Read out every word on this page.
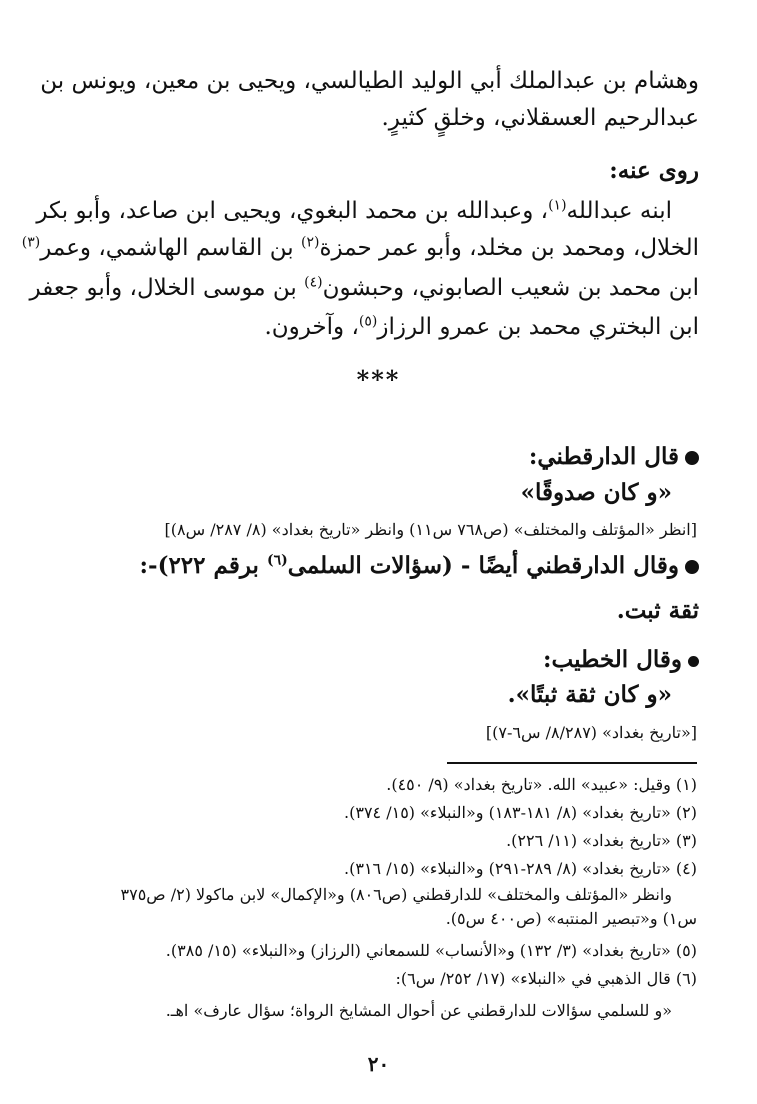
وهشام بن عبدالملك أبي الوليد الطيالسي، ويحيى بن معين، ويونس بن
عبدالرحيم العسقلاني، وخلقٍ كثيرٍ.
روى عنه:
ابنه عبدالله$^{(١)}$، وعبدالله بن محمد البغوي، ويحيى ابن صاعد، وأبو بكر
الخلال، ومحمد بن مخلد، وأبو عمر حمزة$^{(٢)}$ بن القاسم الهاشمي، وعمر$^{(٣)}$
ابن محمد بن شعيب الصابوني، وحبشون$^{(٤)}$ بن موسى الخلال، وأبو جعفر
ابن البختري محمد بن عمرو الرزاز$^{(٥)}$، وآخرون.
***
قال الدارقطني:
«و كان صدوقًا»
[انظر «المؤتلف والمختلف» (ص٧٦٨ س١١) وانظر «تاريخ بغداد» (٨/ ٢٨٧/ س٨)]
وقال الدارقطني أيضًا - (سؤالات السلمى$^{(٦)}$ برقم ٢٢٢)-:
ثقة ثبت.
وقال الخطيب:
«و كان ثقة ثبتًا».
[«تاريخ بغداد» (٨/٢٨٧/ س٦-٧)]
(١) وقيل: «عبيد» الله. «تاريخ بغداد» (٩/ ٤٥٠).
(٢) «تاريخ بغداد» (٨/ ١٨١-١٨٣) و«النبلاء» (١٥/ ٣٧٤).
(٣) «تاريخ بغداد» (١١/ ٢٢٦).
(٤) «تاريخ بغداد» (٨/ ٢٨٩-٢٩١) و«النبلاء» (١٥/ ٣١٦).
وانظر «المؤتلف والمختلف» للدارقطني (ص٨٠٦) و«الإكمال» لابن ماكولا (٢/ ص٣٧٥
س١) و«تبصير المنتبه» (ص٤٠٠ س٥).
(٥) «تاريخ بغداد» (٣/ ١٣٢) و«الأنساب» للسمعاني (الرزاز) و«النبلاء» (١٥/ ٣٨٥).
(٦) قال الذهبي في «النبلاء» (١٧/ ٢٥٢/ س٦):
«و للسلمي سؤالات للدارقطني عن أحوال المشايخ الرواة؛ سؤال عارف» اهـ.
٢٠
